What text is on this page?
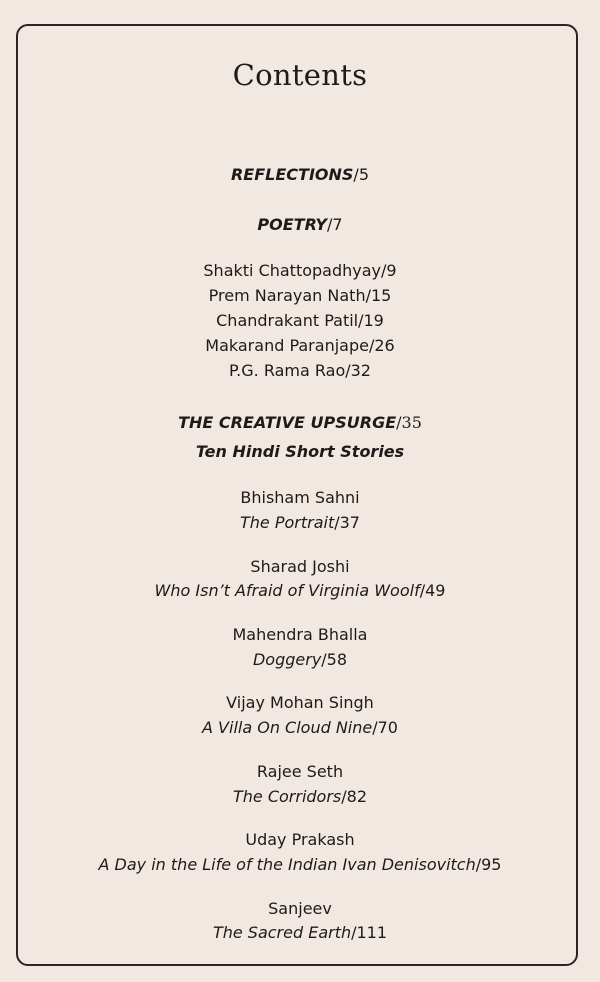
Contents
REFLECTIONS/5
POETRY/7
Shakti Chattopadhyay/9
Prem Narayan Nath/15
Chandrakant Patil/19
Makarand Paranjape/26
P.G. Rama Rao/32
THE CREATIVE UPSURGE/35
Ten Hindi Short Stories
Bhisham Sahni
The Portrait/37
Sharad Joshi
Who Isn’t Afraid of Virginia Woolf/49
Mahendra Bhalla
Doggery/58
Vijay Mohan Singh
A Villa On Cloud Nine/70
Rajee Seth
The Corridors/82
Uday Prakash
A Day in the Life of the Indian Ivan Denisovitch/95
Sanjeev
The Sacred Earth/111
